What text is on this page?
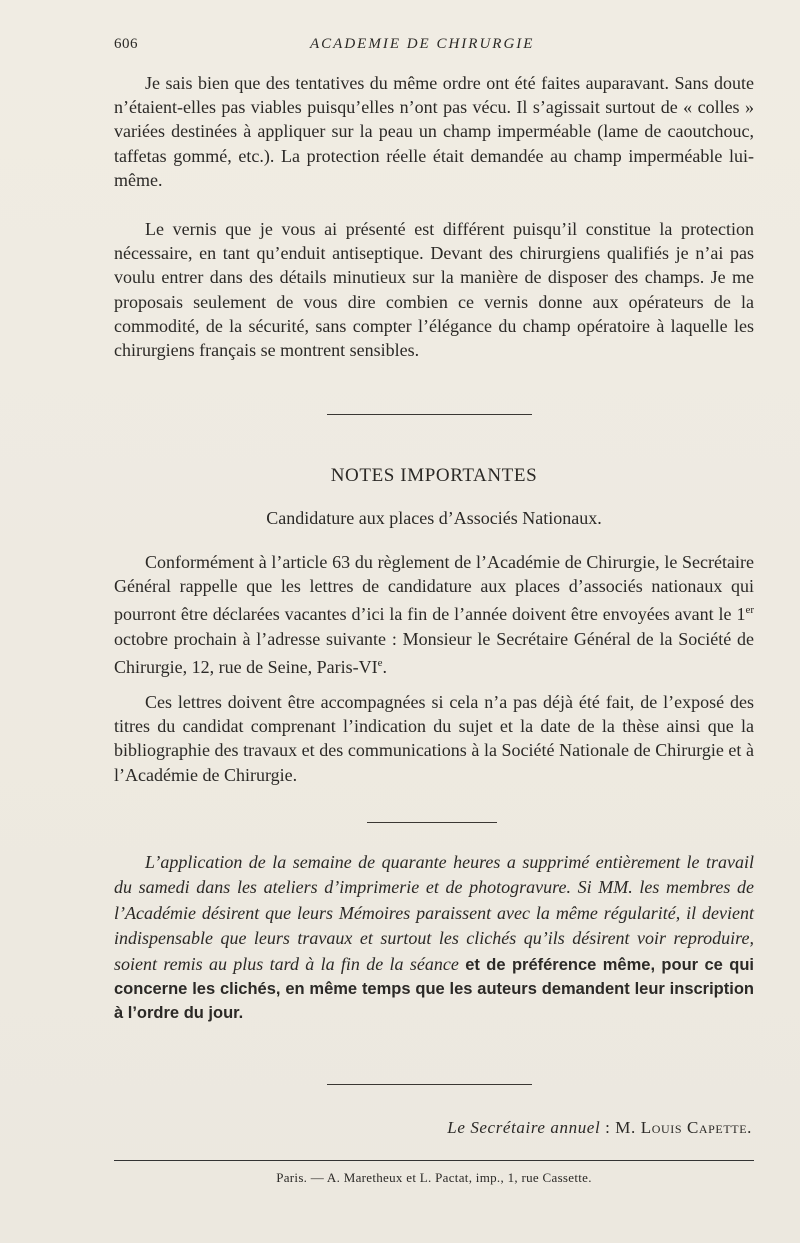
606	ACADEMIE DE CHIRURGIE

Je sais bien que des tentatives du même ordre ont été faites auparavant. Sans doute n’étaient-elles pas viables puisqu’elles n’ont pas vécu. Il s’agissait surtout de « colles » variées destinées à appliquer sur la peau un champ imperméable (lame de caoutchouc, taffetas gommé, etc.). La protection réelle était demandée au champ imperméable lui-même.

Le vernis que je vous ai présenté est différent puisqu’il constitue la protection nécessaire, en tant qu’enduit antiseptique. Devant des chirurgiens qualifiés je n’ai pas voulu entrer dans des détails minutieux sur la manière de disposer des champs. Je me proposais seulement de vous dire combien ce vernis donne aux opérateurs de la commodité, de la sécurité, sans compter l’élégance du champ opératoire à laquelle les chirurgiens français se montrent sensibles.

NOTES IMPORTANTES
Candidature aux places d’Associés Nationaux.

Conformément à l’article 63 du règlement de l’Académie de Chirurgie, le Secrétaire Général rappelle que les lettres de candidature aux places d’associés nationaux qui pourront être déclarées vacantes d’ici la fin de l’année doivent être envoyées avant le 1er octobre prochain à l’adresse suivante : Monsieur le Secrétaire Général de la Société de Chirurgie, 12, rue de Seine, Paris-VIe.

Ces lettres doivent être accompagnées si cela n’a pas déjà été fait, de l’exposé des titres du candidat comprenant l’indication du sujet et la date de la thèse ainsi que la bibliographie des travaux et des communications à la Société Nationale de Chirurgie et à l’Académie de Chirurgie.

L’application de la semaine de quarante heures a supprimé entièrement le travail du samedi dans les ateliers d’imprimerie et de photogravure. Si MM. les membres de l’Académie désirent que leurs Mémoires paraissent avec la même régularité, il devient indispensable que leurs travaux et surtout les clichés qu’ils désirent voir reproduire, soient remis au plus tard à la fin de la séance et de préférence même, pour ce qui concerne les clichés, en même temps que les auteurs demandent leur inscription à l’ordre du jour.

Le Secrétaire annuel : M. Louis Capette.
Paris. — A. Maretheux et L. Pactat, imp., 1, rue Cassette.
